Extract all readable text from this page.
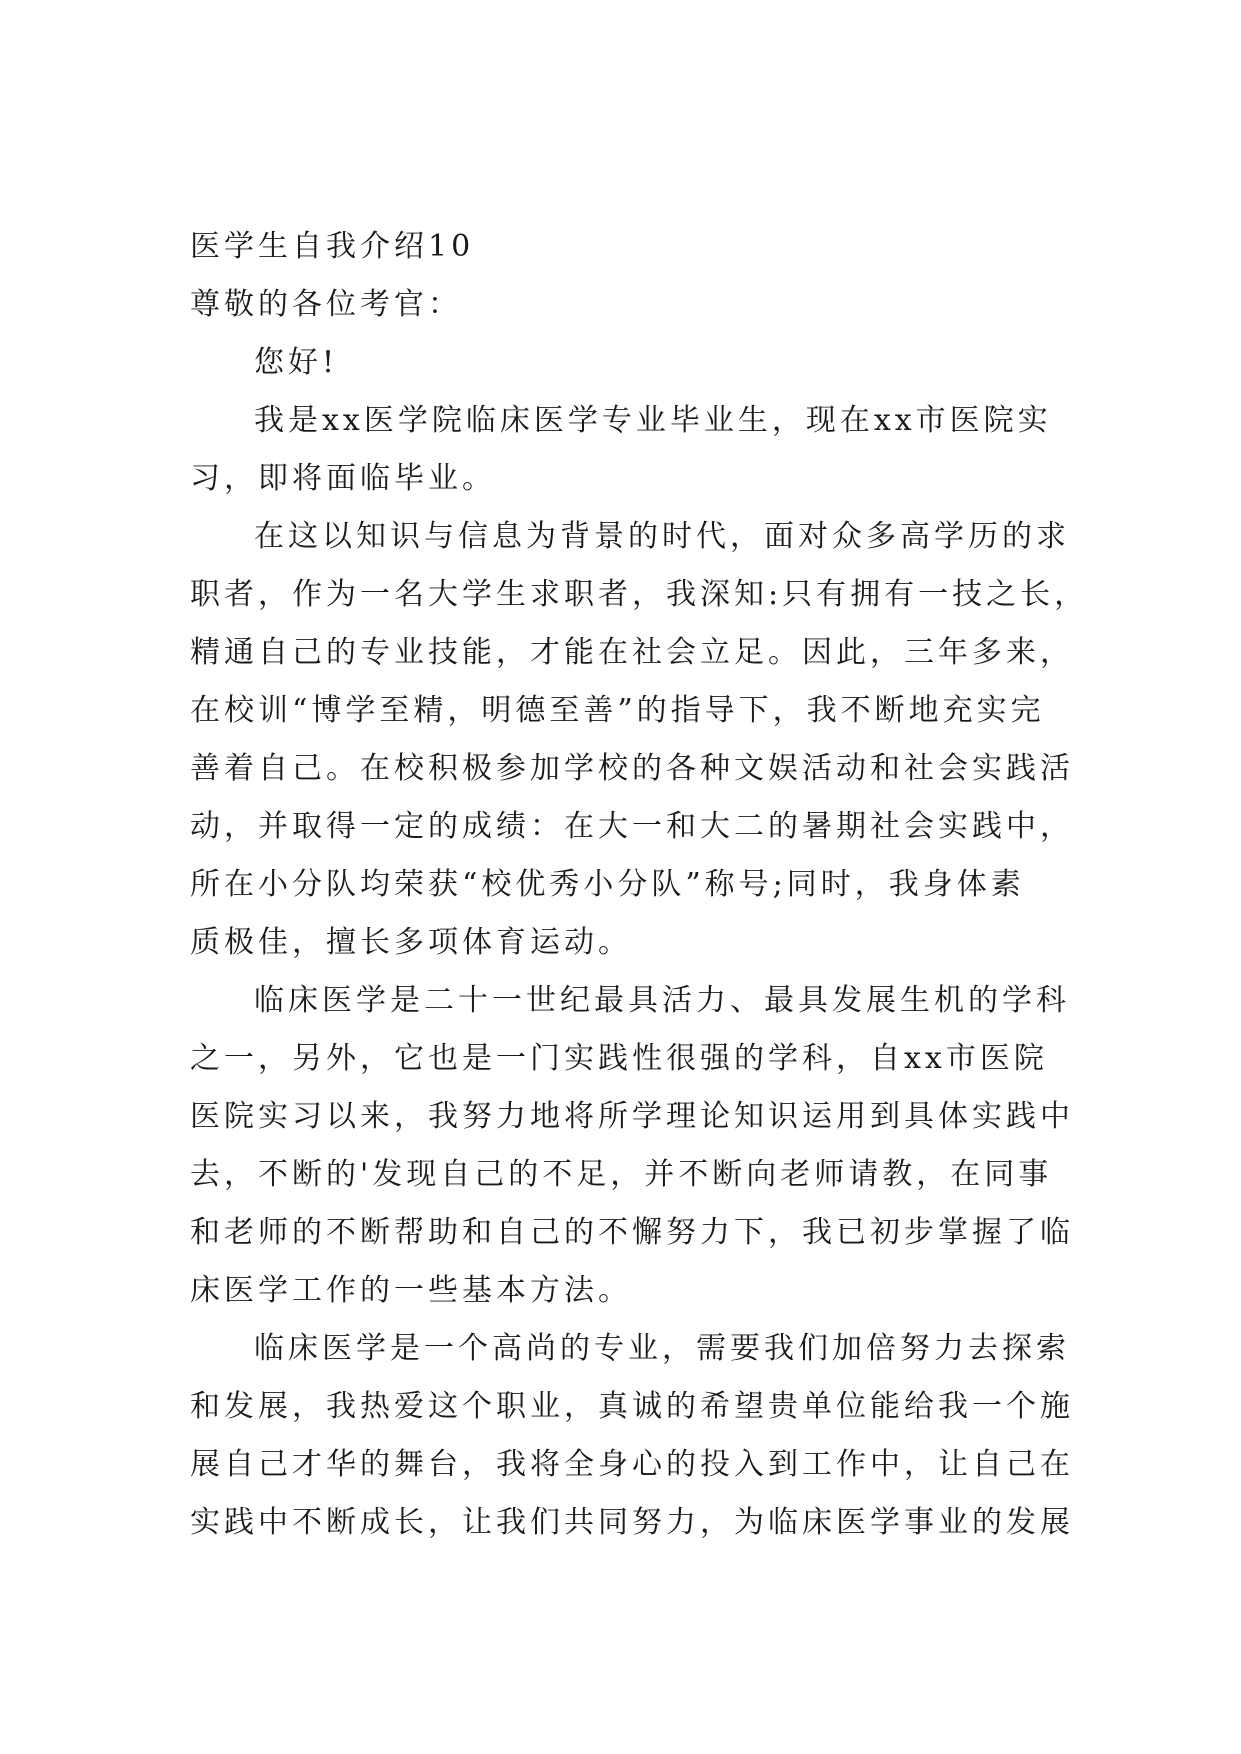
医学生自我介绍10
尊敬的各位考官：
您好!
我是xx医学院临床医学专业毕业生，现在xx市医院实
习，即将面临毕业。
在这以知识与信息为背景的时代，面对众多高学历的求
职者，作为一名大学生求职者，我深知:只有拥有一技之长，
精通自己的专业技能，才能在社会立足。因此，三年多来，
在校训“博学至精，明德至善”的指导下，我不断地充实完
善着自己。在校积极参加学校的各种文娱活动和社会实践活
动，并取得一定的成绩：在大一和大二的暑期社会实践中，
所在小分队均荣获“校优秀小分队”称号;同时，我身体素
质极佳，擅长多项体育运动。
临床医学是二十一世纪最具活力、最具发展生机的学科
之一，另外，它也是一门实践性很强的学科，自xx市医院
医院实习以来，我努力地将所学理论知识运用到具体实践中
去，不断的'发现自己的不足，并不断向老师请教，在同事
和老师的不断帮助和自己的不懈努力下，我已初步掌握了临
床医学工作的一些基本方法。
临床医学是一个高尚的专业，需要我们加倍努力去探索
和发展，我热爱这个职业，真诚的希望贵单位能给我一个施
展自己才华的舞台，我将全身心的投入到工作中，让自己在
实践中不断成长，让我们共同努力，为临床医学事业的发展
